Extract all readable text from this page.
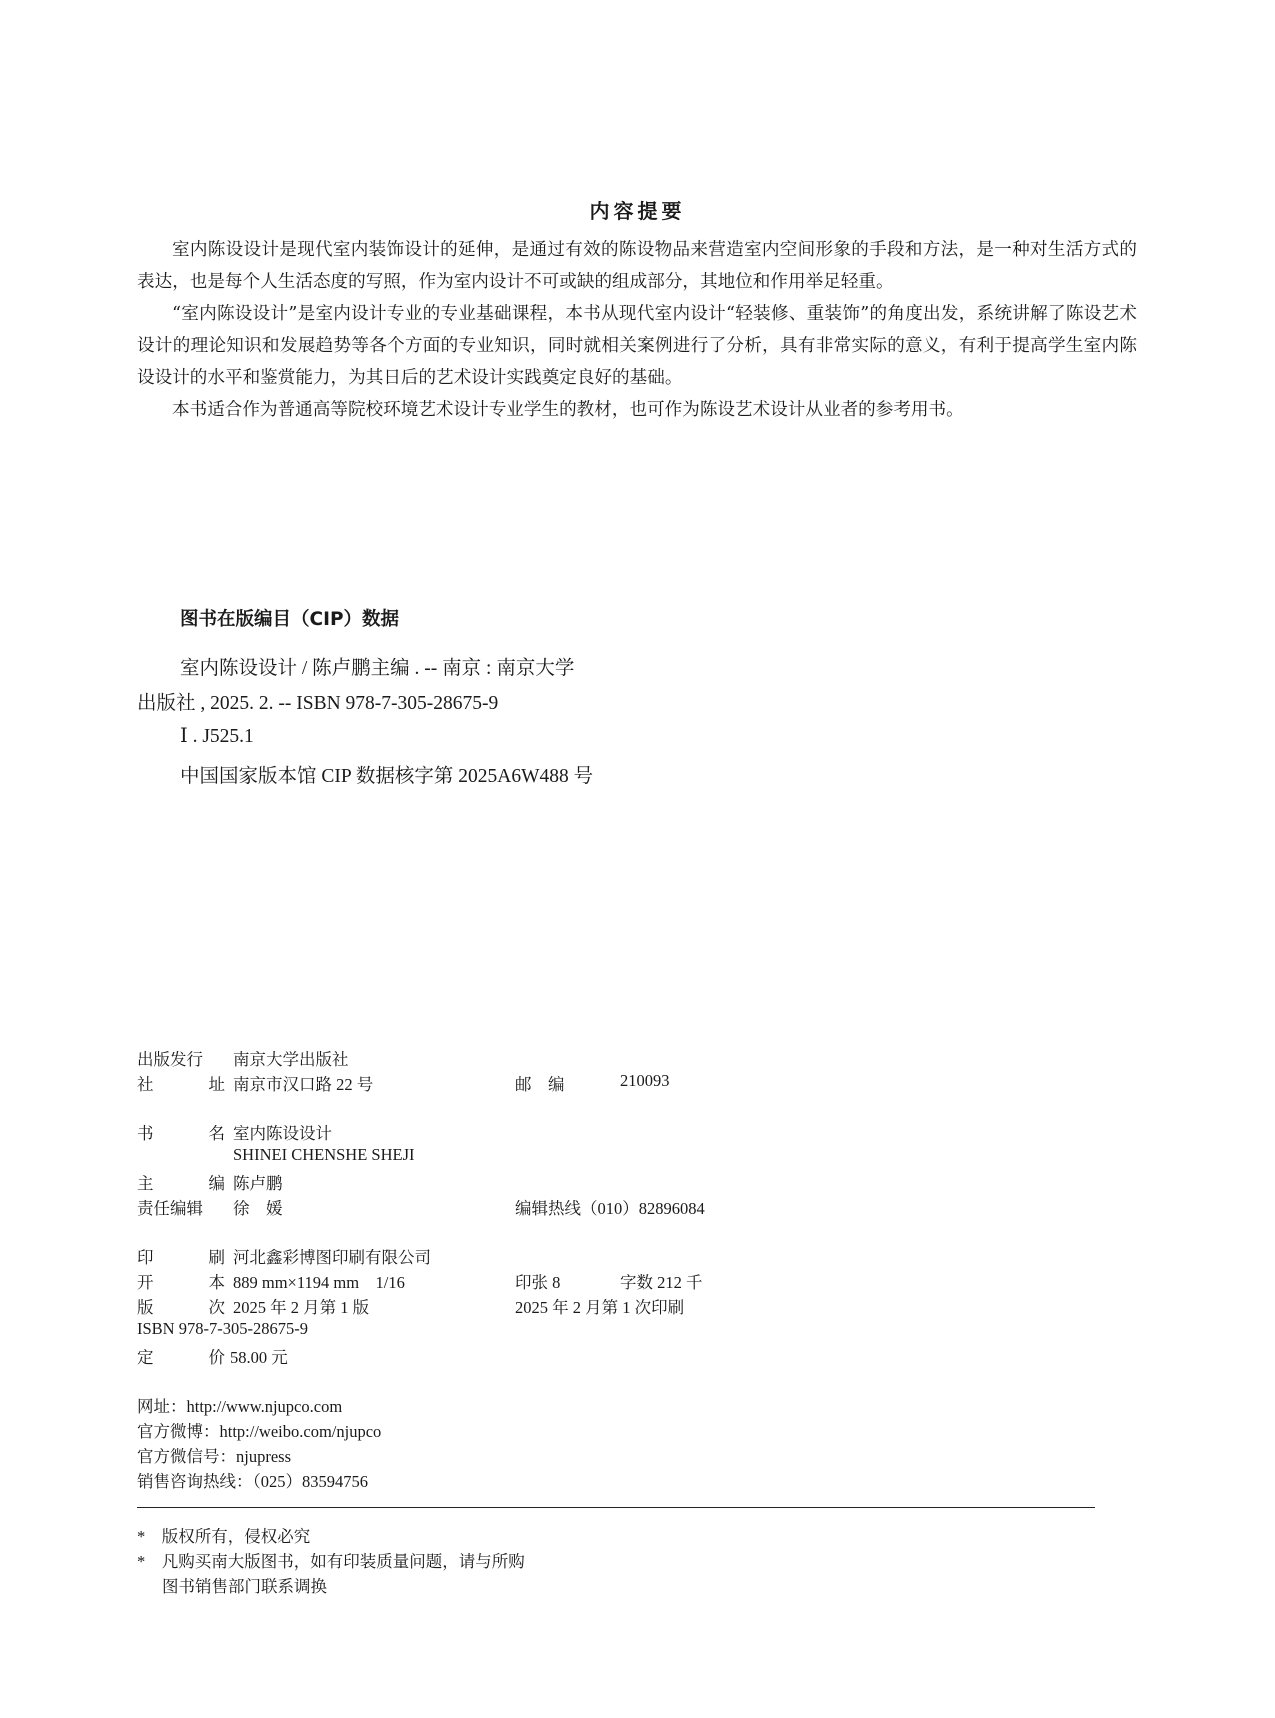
内容提要

室内陈设设计是现代室内装饰设计的延伸，是通过有效的陈设物品来营造室内空间形象的手段和方法，是一种对生活方式的表达，也是每个人生活态度的写照，作为室内设计不可或缺的组成部分，其地位和作用举足轻重。

“室内陈设设计”是室内设计专业的专业基础课程，本书从现代室内设计“轻装修、重装饰”的角度出发，系统讲解了陈设艺术设计的理论知识和发展趋势等各个方面的专业知识，同时就相关案例进行了分析，具有非常实际的意义，有利于提高学生室内陈设设计的水平和鉴赏能力，为其日后的艺术设计实践奠定良好的基础。

本书适合作为普通高等院校环境艺术设计专业学生的教材，也可作为陈设艺术设计从业者的参考用书。

图书在版编目（CIP）数据
室内陈设设计 / 陈卢鹏主编 . -- 南京 : 南京大学
出版社 , 2025. 2. -- ISBN 978-7-305-28675-9
Ⅰ . J525.1
中国国家版本馆 CIP 数据核字第 2025A6W488 号
出版发行 南京大学出版社
社	址 南京市汉口路 22 号	邮　编	210093
书	名 室内陈设设计
SHINEI CHENSHE SHEJI
主	编 陈卢鹏
责任编辑 徐　媛	编辑热线（010）82896084
印	刷 河北鑫彩博图印刷有限公司
开	本 889 mm×1194 mm　1/16	印张 8	字数 212 千
版	次 2025 年 2 月第 1 版	2025 年 2 月第 1 次印刷
ISBN 978-7-305-28675-9
定	价 58.00 元
网址：http://www.njupco.com
官方微博：http://weibo.com/njupco
官方微信号：njupress
销售咨询热线：（025）83594756
*　版权所有，侵权必究
*　凡购买南大版图书，如有印装质量问题，请与所购
图书销售部门联系调换
